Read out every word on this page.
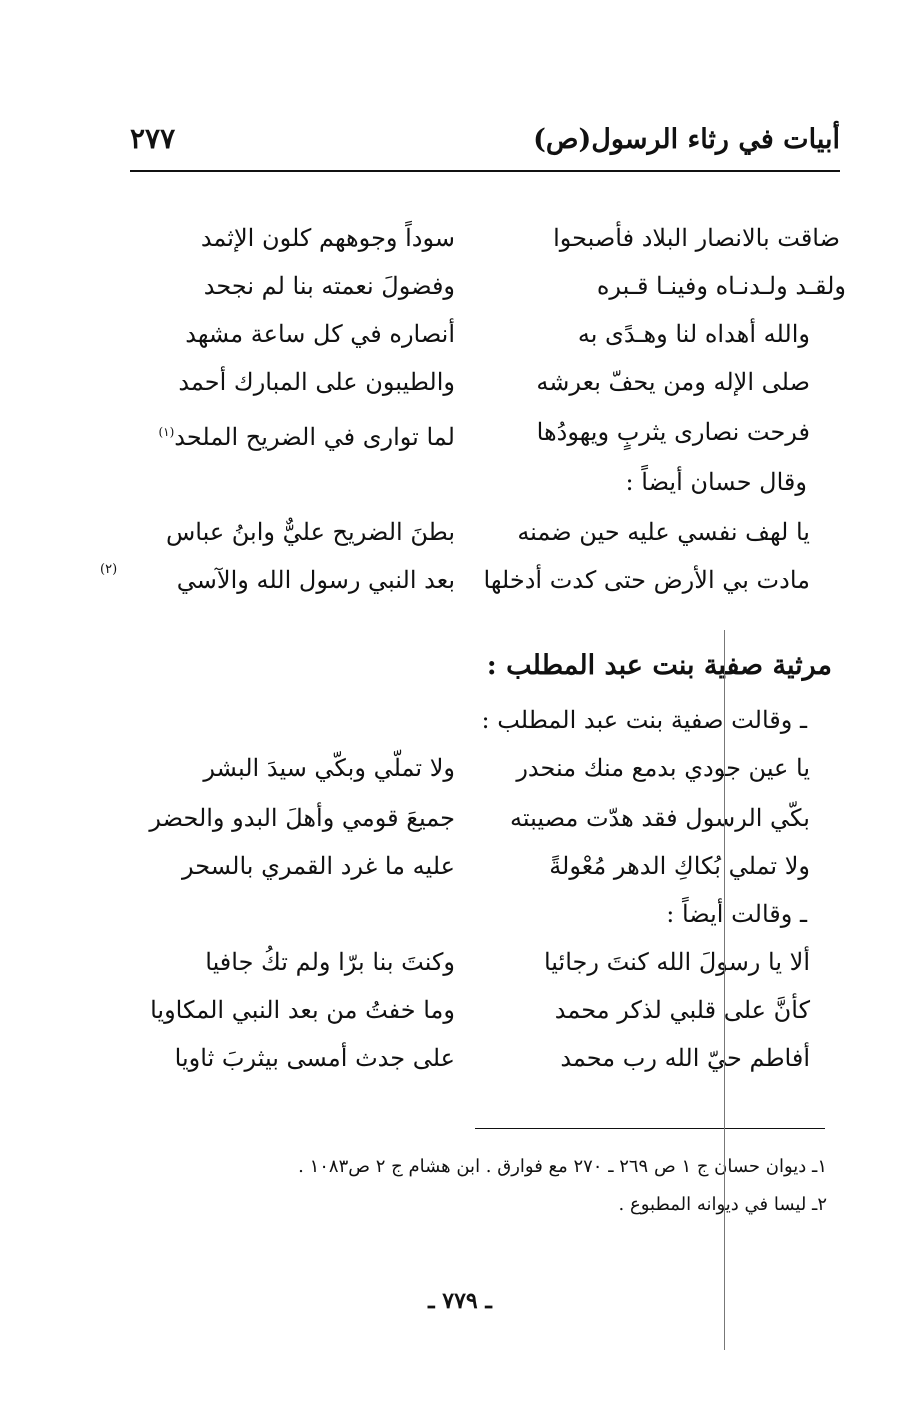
أبيات في رثاء الرسول(ص)
٢٧٧
ضاقت بالانصار البلاد فأصبحوا
سوداً وجوههم كلون الإثمد
ولقـد ولـدنـاه وفينـا قـبره
وفضولَ نعمته بنا لم نجحد
والله أهداه لنا وهـدًى به
أنصاره في كل ساعة مشهد
صلى الإله ومن يحفّ بعرشه
والطيبون على المبارك أحمد
فرحت نصارى يثربٍ ويهودُها
لما توارى في الضريح الملحد$^{(١)}$
وقال حسان أيضاً :
يا لهف نفسي عليه حين ضمنه
بطنَ الضريح عليٌّ وابنُ عباس
مادت بي الأرض حتى كدت أدخلها
بعد النبي رسول الله والآسي
(٢)
مرثية صفية بنت عبد المطلب :
ـ وقالت صفية بنت عبد المطلب :
يا عين جودي بدمع منك منحدر
ولا تملّي وبكّي سيدَ البشر
بكّي الرسول فقد هدّت مصيبته
جميعَ قومي وأهلَ البدو والحضر
ولا تملي بُكاكِ الدهر مُعْولةً
عليه ما غرد القمري بالسحر
ـ وقالت أيضاً :
ألا يا رسولَ الله كنتَ رجائيا
وكنتَ بنا برّا ولم تكُ جافيا
كأنَّ على قلبي لذكر محمد
وما خفتُ من بعد النبي المكاويا
أفاطم حيّ الله رب محمد
على جدث أمسى بيثربَ ثاويا
١ـ ديوان حسان ج ١ ص ٢٦٩ ـ ٢٧٠ مع فوارق . ابن هشام ج ٢ ص١٠٨٣ .
٢ـ ليسا في ديوانه المطبوع .
ـ ٧٧٩ ـ
